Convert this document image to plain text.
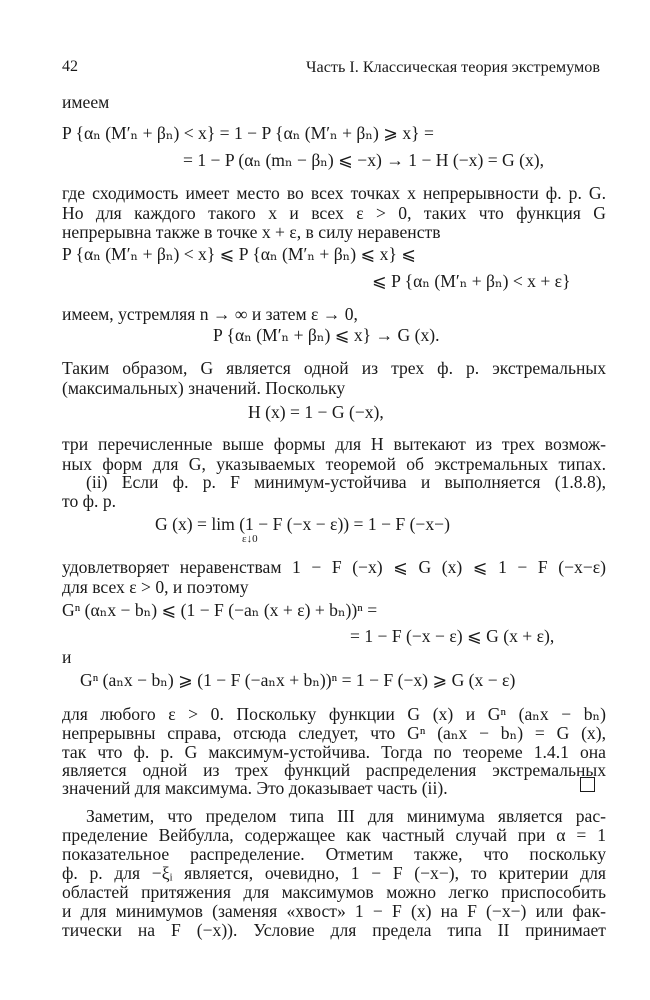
42	Часть I. Классическая теория экстремумов
имеем
P {αₙ (M′ₙ + βₙ) < x} = 1 − P {αₙ (M′ₙ + βₙ) ⩾ x} =
= 1 − P (αₙ (mₙ − βₙ) ⩽ −x) → 1 − H (−x) = G (x),
где сходимость имеет место во всех точках x непрерывности ф. р. G.
Но для каждого такого x и всех ε > 0, таких что функция G
непрерывна также в точке x + ε, в силу неравенств
P {αₙ (M′ₙ + βₙ) < x} ⩽ P {αₙ (M′ₙ + βₙ) ⩽ x} ⩽
⩽ P {αₙ (M′ₙ + βₙ) < x + ε}
имеем, устремляя n → ∞ и затем ε → 0,
P {αₙ (M′ₙ + βₙ) ⩽ x} → G (x).
Таким образом, G является одной из трех ф. р. экстремальных
(максимальных) значений. Поскольку
H (x) = 1 − G (−x),
три перечисленные выше формы для H вытекают из трех возмож-
ных форм для G, указываемых теоремой об экстремальных типах.
(ii) Если ф. р. F минимум-устойчива и выполняется (1.8.8),
то ф. р.
G (x) = lim (1 − F (−x − ε)) = 1 − F (−x−)
ε↓0
удовлетворяет неравенствам 1 − F (−x) ⩽ G (x) ⩽ 1 − F (−x−ε)
для всех ε > 0, и поэтому
Gⁿ (αₙx − bₙ) ⩽ (1 − F (−aₙ (x + ε) + bₙ))ⁿ =
= 1 − F (−x − ε) ⩽ G (x + ε),
и
Gⁿ (aₙx − bₙ) ⩾ (1 − F (−aₙx + bₙ))ⁿ = 1 − F (−x) ⩾ G (x − ε)
для любого ε > 0. Поскольку функции G (x) и Gⁿ (aₙx − bₙ)
непрерывны справа, отсюда следует, что Gⁿ (aₙx − bₙ) = G (x),
так что ф. р. G максимум-устойчива. Тогда по теореме 1.4.1 она
является одной из трех функций распределения экстремальных
значений для максимума. Это доказывает часть (ii).
Заметим, что пределом типа III для минимума является рас-
пределение Вейбулла, содержащее как частный случай при α = 1
показательное распределение. Отметим также, что поскольку
ф. р. для −ξᵢ является, очевидно, 1 − F (−x−), то критерии для
областей притяжения для максимумов можно легко приспособить
и для минимумов (заменяя «хвост» 1 − F (x) на F (−x−) или фак-
тически на F (−x)). Условие для предела типа II принимает
